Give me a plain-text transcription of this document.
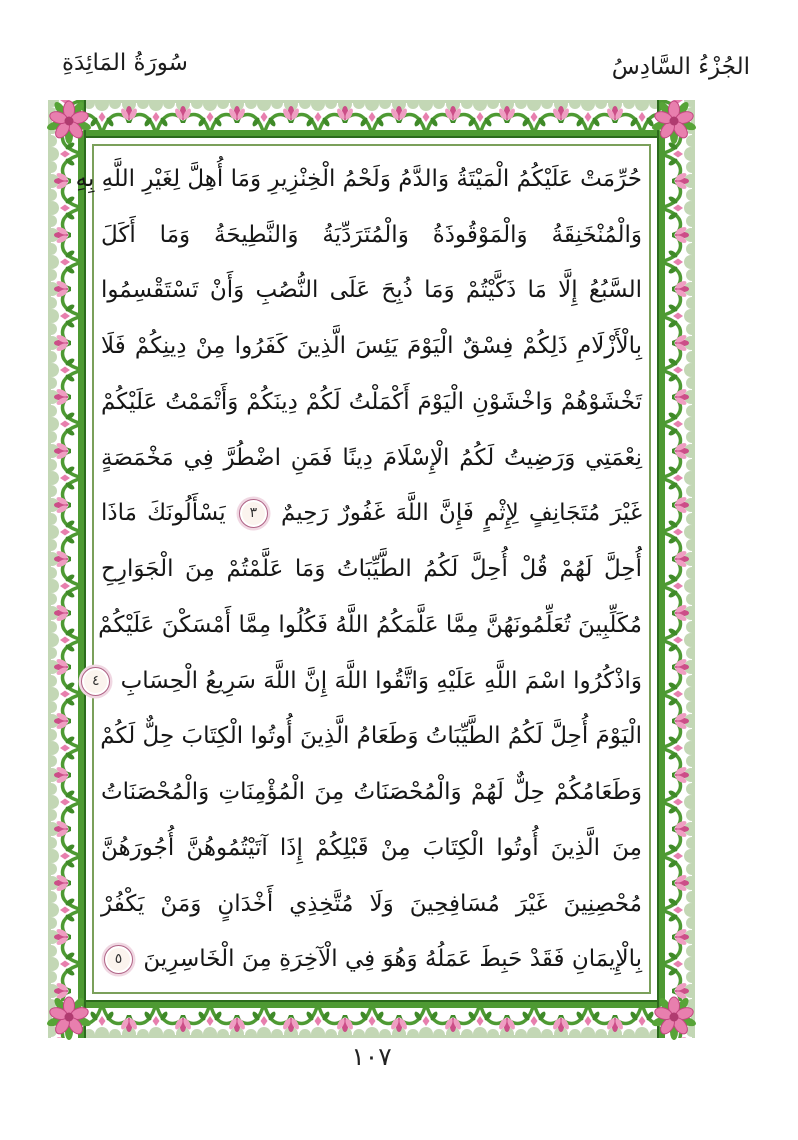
سُورَةُ المَائِدَةِ	الجُزْءُ السَّادِسُ
حُرِّمَتْ عَلَيْكُمُ الْمَيْتَةُ وَالدَّمُ وَلَحْمُ الْخِنْزِيرِ وَمَا أُهِلَّ لِغَيْرِ اللَّهِ بِهِ
وَالْمُنْخَنِقَةُ وَالْمَوْقُوذَةُ وَالْمُتَرَدِّيَةُ وَالنَّطِيحَةُ وَمَا أَكَلَ
السَّبُعُ إِلَّا مَا ذَكَّيْتُمْ وَمَا ذُبِحَ عَلَى النُّصُبِ وَأَنْ تَسْتَقْسِمُوا
بِالْأَزْلَامِ ذَلِكُمْ فِسْقٌ الْيَوْمَ يَئِسَ الَّذِينَ كَفَرُوا مِنْ دِينِكُمْ فَلَا
تَخْشَوْهُمْ وَاخْشَوْنِ الْيَوْمَ أَكْمَلْتُ لَكُمْ دِينَكُمْ وَأَتْمَمْتُ عَلَيْكُمْ
نِعْمَتِي وَرَضِيتُ لَكُمُ الْإِسْلَامَ دِينًا فَمَنِ اضْطُرَّ فِي مَخْمَصَةٍ
غَيْرَ مُتَجَانِفٍ لِإِثْمٍ فَإِنَّ اللَّهَ غَفُورٌ رَحِيمٌ ٣ يَسْأَلُونَكَ مَاذَا
أُحِلَّ لَهُمْ قُلْ أُحِلَّ لَكُمُ الطَّيِّبَاتُ وَمَا عَلَّمْتُمْ مِنَ الْجَوَارِحِ
مُكَلِّبِينَ تُعَلِّمُونَهُنَّ مِمَّا عَلَّمَكُمُ اللَّهُ فَكُلُوا مِمَّا أَمْسَكْنَ عَلَيْكُمْ
وَاذْكُرُوا اسْمَ اللَّهِ عَلَيْهِ وَاتَّقُوا اللَّهَ إِنَّ اللَّهَ سَرِيعُ الْحِسَابِ ٤
الْيَوْمَ أُحِلَّ لَكُمُ الطَّيِّبَاتُ وَطَعَامُ الَّذِينَ أُوتُوا الْكِتَابَ حِلٌّ لَكُمْ
وَطَعَامُكُمْ حِلٌّ لَهُمْ وَالْمُحْصَنَاتُ مِنَ الْمُؤْمِنَاتِ وَالْمُحْصَنَاتُ
مِنَ الَّذِينَ أُوتُوا الْكِتَابَ مِنْ قَبْلِكُمْ إِذَا آتَيْتُمُوهُنَّ أُجُورَهُنَّ
مُحْصِنِينَ غَيْرَ مُسَافِحِينَ وَلَا مُتَّخِذِي أَخْدَانٍ وَمَنْ يَكْفُرْ
بِالْإِيمَانِ فَقَدْ حَبِطَ عَمَلُهُ وَهُوَ فِي الْآخِرَةِ مِنَ الْخَاسِرِينَ ٥
١٠٧
